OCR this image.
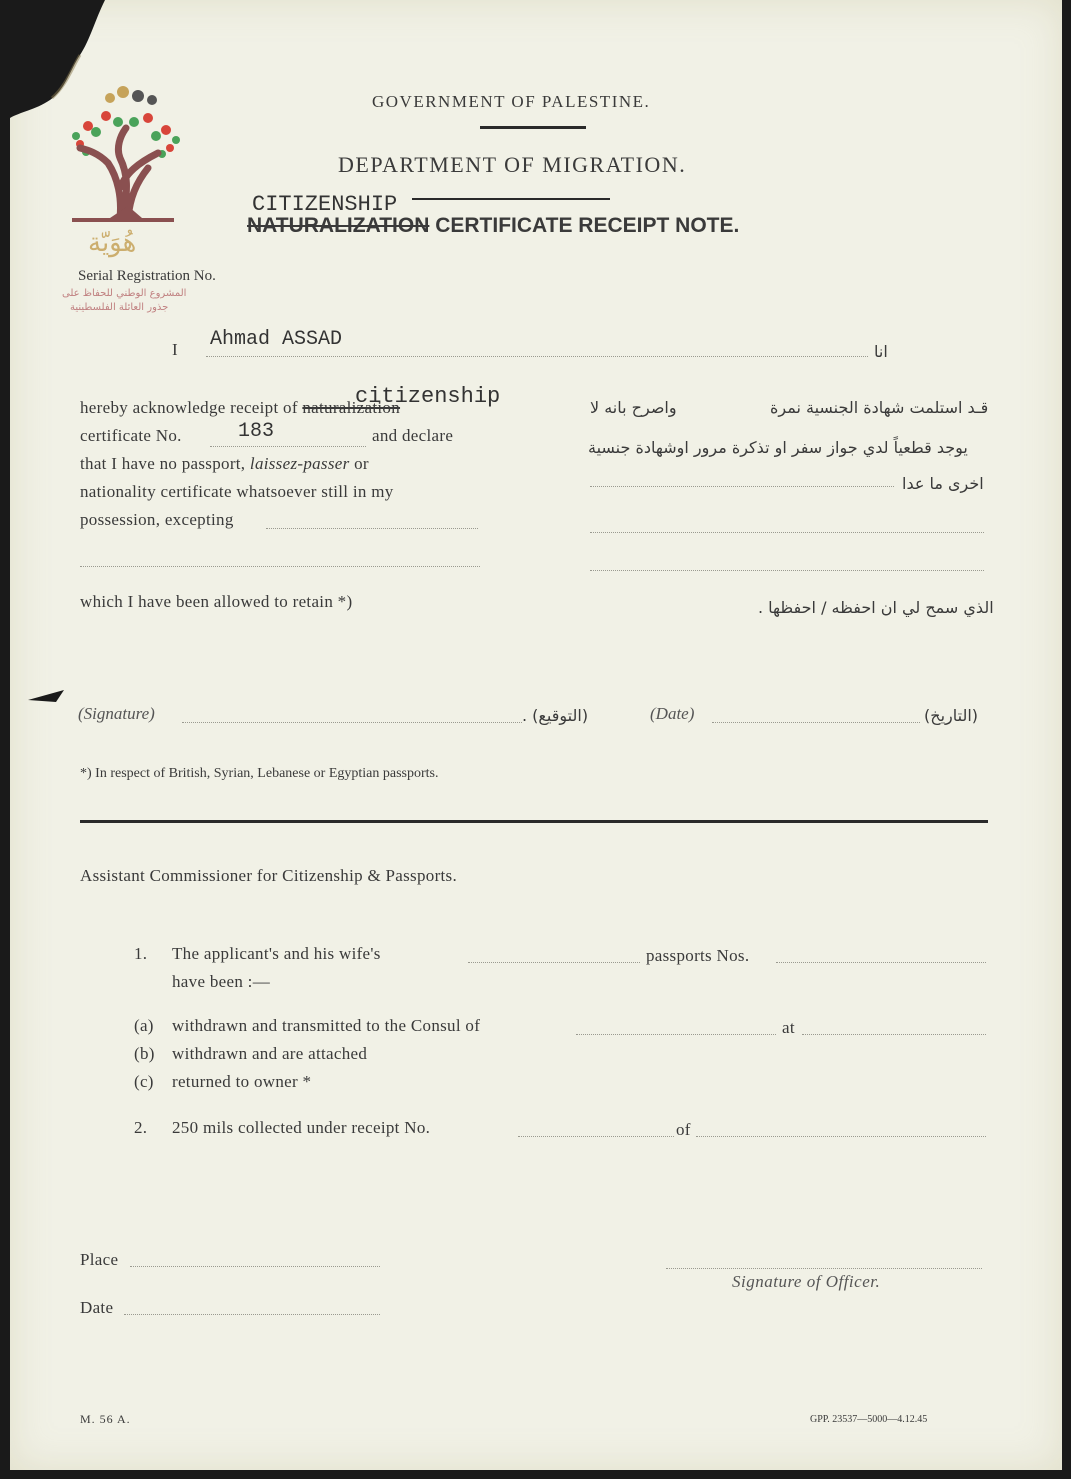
هُوَيّة
المشروع الوطني للحفاظ على
جذور العائلة الفلسطينية
GOVERNMENT OF PALESTINE.
DEPARTMENT OF MIGRATION.
CITIZENSHIP
NATURALIZATION CERTIFICATE RECEIPT NOTE.
Serial Registration No.
I Ahmad ASSAD
انا
hereby acknowledge receipt of naturalization
citizenship
certificate No.	183	and declare
that I have no passport, laissez-passer or
nationality certificate whatsoever still in my
possession, excepting
which I have been allowed to retain *)
واصرح بانه لا	قـد استلمت شهادة الجنسية نمرة
يوجد قطعياً لدي جواز سفر او تذكرة مرور اوشهادة جنسية
اخرى ما عدا
الذي سمح لي ان احفظه / احفظها .
(Signature)	(التوقيع) .	(Date)	(التاريخ)
*) In respect of British, Syrian, Lebanese or Egyptian passports.
Assistant Commissioner for Citizenship & Passports.
1. The applicant's and his wife's	passports Nos.
have been :—
(a) withdrawn and transmitted to the Consul of	at
(b) withdrawn and are attached
(c) returned to owner *
2. 250 mils collected under receipt No.	of
Place
Date
Signature of Officer.
M. 56 A.	GPP. 23537—5000—4.12.45
